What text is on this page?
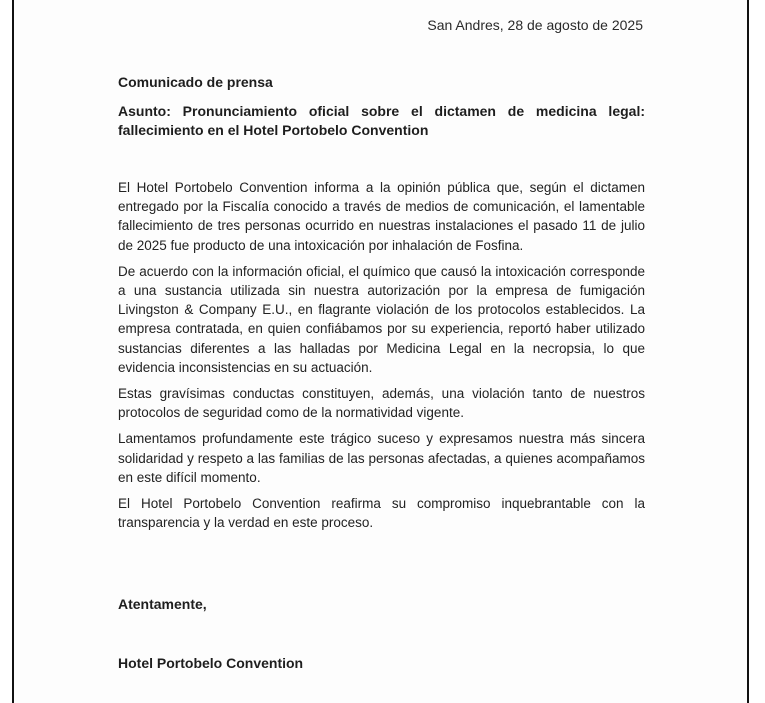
San Andres, 28 de agosto de 2025
Comunicado de prensa
Asunto: Pronunciamiento oficial sobre el dictamen de medicina legal: fallecimiento en el Hotel Portobelo Convention

El Hotel Portobelo Convention informa a la opinión pública que, según el dictamen entregado por la Fiscalía conocido a través de medios de comunicación, el lamentable fallecimiento de tres personas ocurrido en nuestras instalaciones el pasado 11 de julio de 2025 fue producto de una intoxicación por inhalación de Fosfina.

De acuerdo con la información oficial, el químico que causó la intoxicación corresponde a una sustancia utilizada sin nuestra autorización por la empresa de fumigación Livingston & Company E.U., en flagrante violación de los protocolos establecidos. La empresa contratada, en quien confiábamos por su experiencia, reportó haber utilizado sustancias diferentes a las halladas por Medicina Legal en la necropsia, lo que evidencia inconsistencias en su actuación.

Estas gravísimas conductas constituyen, además, una violación tanto de nuestros protocolos de seguridad como de la normatividad vigente.

Lamentamos profundamente este trágico suceso y expresamos nuestra más sincera solidaridad y respeto a las familias de las personas afectadas, a quienes acompañamos en este difícil momento.

El Hotel Portobelo Convention reafirma su compromiso inquebrantable con la transparencia y la verdad en este proceso.

Atentamente,
Hotel Portobelo Convention
